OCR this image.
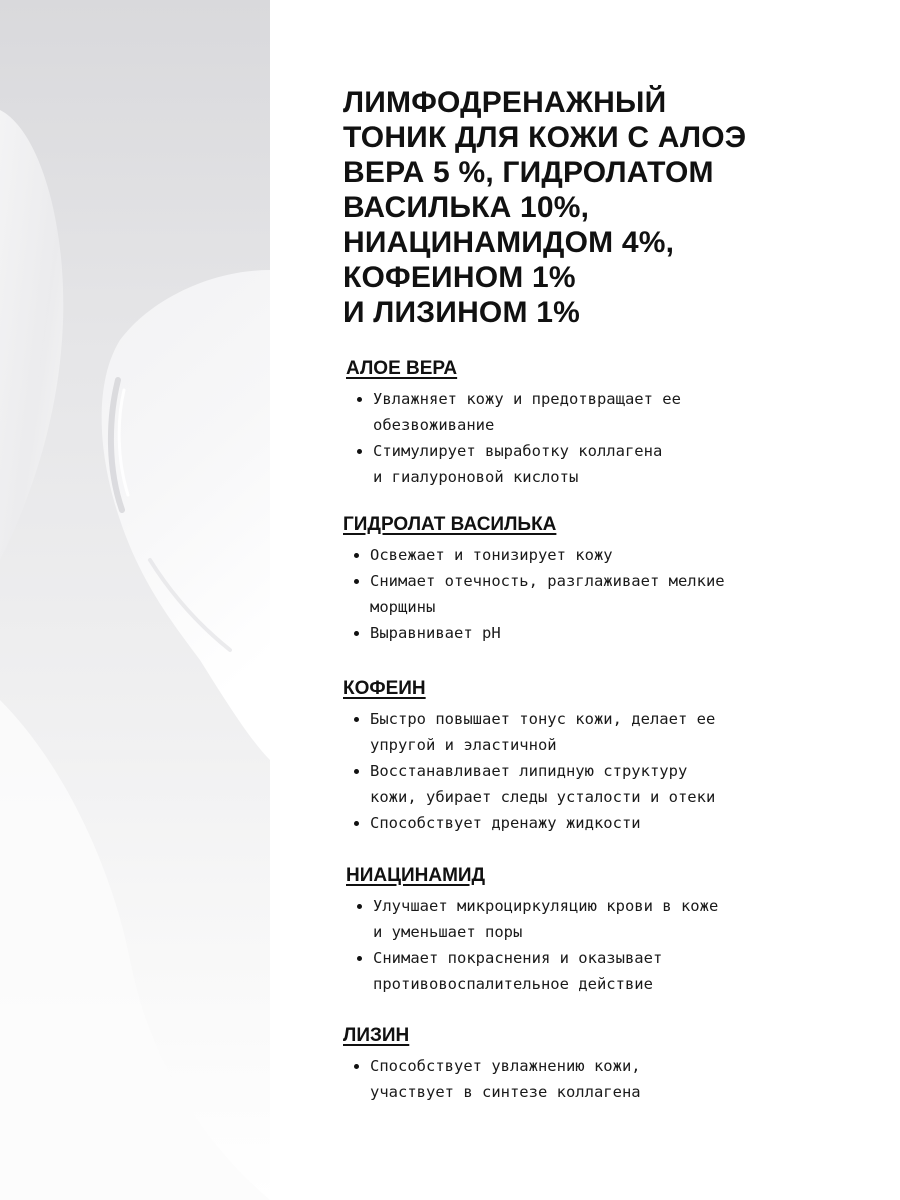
ЛИМФОДРЕНАЖНЫЙ
ТОНИК ДЛЯ КОЖИ С АЛОЭ
ВЕРА 5 %, ГИДРОЛАТОМ
ВАСИЛЬКА 10%,
НИАЦИНАМИДОМ 4%,
КОФЕИНОМ 1%
И ЛИЗИНОМ 1%
АЛОЕ ВЕРА
Увлажняет кожу и предотвращает ее
обезвоживание
Стимулирует выработку коллагена
и гиалуроновой кислоты
ГИДРОЛАТ ВАСИЛЬКА
Освежает и тонизирует кожу
Снимает отечность, разглаживает мелкие
морщины
Выравнивает pH
КОФЕИН
Быстро повышает тонус кожи, делает ее
упругой и эластичной
Восстанавливает липидную структуру
кожи, убирает следы усталости и отеки
Способствует дренажу жидкости
НИАЦИНАМИД
Улучшает микроциркуляцию крови в коже
и уменьшает поры
Снимает покраснения и оказывает
противовоспалительное действие
ЛИЗИН
Способствует увлажнению кожи,
участвует в синтезе коллагена
